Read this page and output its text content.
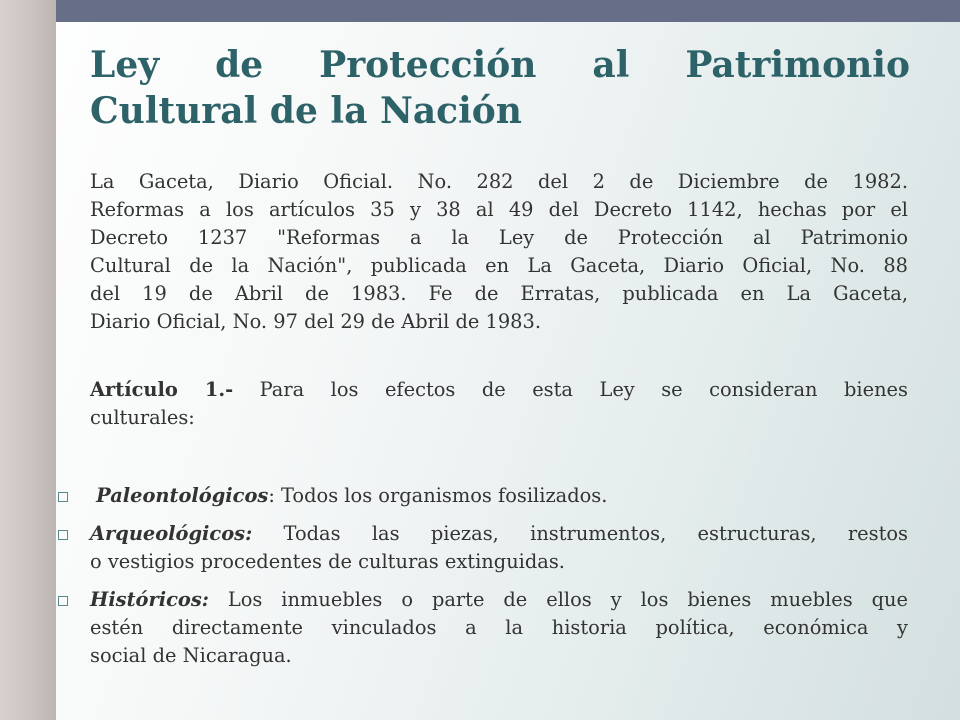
Ley de Protección al Patrimonio
Cultural de la Nación

La Gaceta, Diario Oficial. No. 282 del 2 de Diciembre de 1982.
Reformas a los artículos 35 y 38 al 49 del Decreto 1142, hechas por el
Decreto 1237 "Reformas a la Ley de Protección al Patrimonio
Cultural de la Nación", publicada en La Gaceta, Diario Oficial, No. 88
del 19 de Abril de 1983. Fe de Erratas, publicada en La Gaceta,
Diario Oficial, No. 97 del 29 de Abril de 1983.

Artículo 1.- Para los efectos de esta Ley se consideran bienes
culturales:

Paleontológicos: Todos los organismos fosilizados.
Arqueológicos: Todas las piezas, instrumentos, estructuras, restos
o vestigios procedentes de culturas extinguidas.
Históricos: Los inmuebles o parte de ellos y los bienes muebles que
estén directamente vinculados a la historia política, económica y
social de Nicaragua.
